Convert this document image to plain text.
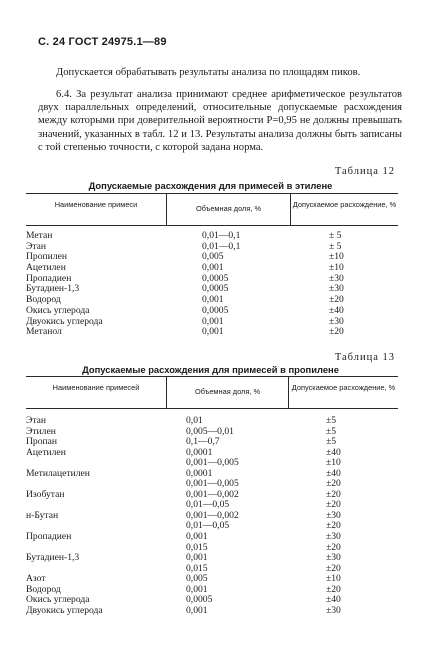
С. 24 ГОСТ 24975.1—89
Допускается обрабатывать результаты анализа по площадям пиков.
6.4. За результат анализа принимают среднее арифметическое результатов двух параллельных определений, относительные допускаемые расхождения между которыми при доверительной вероятности P=0,95 не должны превышать значений, указанных в табл. 12 и 13. Результаты анализа должны быть записаны с той степенью точности, с которой задана норма.
Таблица 12
Допускаемые расхождения для примесей в этилене
Наименование примеси	Объемная доля, %	Допускаемое расхождение, %
Метан	0,01—0,1	± 5
Этан	0,01—0,1	± 5
Пропилен	0,005	±10
Ацетилен	0,001	±10
Пропадиен	0,0005	±30
Бутадиен-1,3	0,0005	±30
Водород	0,001	±20
Окись углерода	0,0005	±40
Двуокись углерода	0,001	±30
Метанол	0,001	±20
Таблица 13
Допускаемые расхождения для примесей в пропилене
Наименование примесей	Объемная доля, %	Допускаемое расхождение, %
Этан	0,01	±5
Этилен	0,005—0,01	±5
Пропан	0,1—0,7	±5
Ацетилен	0,0001	±40
0,001—0,005	±10
Метилацетилен	0,0001	±40
0,001—0,005	±20
Изобутан	0,001—0,002	±20
0,01—0,05	±20
н-Бутан	0,001—0,002	±30
0,01—0,05	±20
Пропадиен	0,001	±30
0,015	±20
Бутадиен-1,3	0,001	±30
0,015	±20
Азот	0,005	±10
Водород	0,001	±20
Окись углерода	0,0005	±40
Двуокись углерода	0,001	±30
